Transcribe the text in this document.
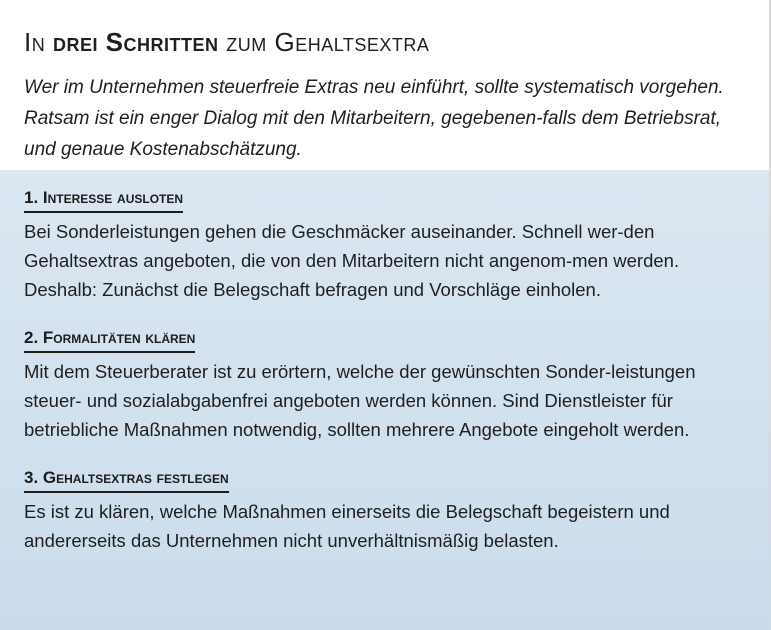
In drei Schritten zum Gehaltsextra

Wer im Unternehmen steuerfreie Extras neu einführt, sollte systematisch vorgehen. Ratsam ist ein enger Dialog mit den Mitarbeitern, gegebenen-falls dem Betriebsrat, und genaue Kostenabschätzung.

1. Interesse ausloten

Bei Sonderleistungen gehen die Geschmäcker auseinander. Schnell wer-den Gehaltsextras angeboten, die von den Mitarbeitern nicht angenom-men werden. Deshalb: Zunächst die Belegschaft befragen und Vorschläge einholen.

2. Formalitäten klären

Mit dem Steuerberater ist zu erörtern, welche der gewünschten Sonder-leistungen steuer- und sozialabgabenfrei angeboten werden können. Sind Dienstleister für betriebliche Maßnahmen notwendig, sollten mehrere Angebote eingeholt werden.

3. Gehaltsextras festlegen

Es ist zu klären, welche Maßnahmen einerseits die Belegschaft begeistern und andererseits das Unternehmen nicht unverhältnismäßig belasten.
